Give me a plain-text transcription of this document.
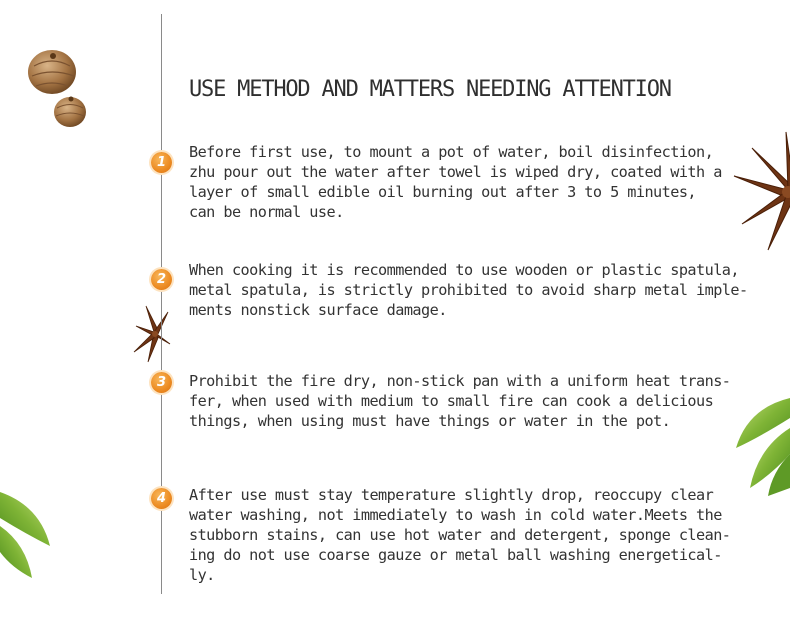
USE METHOD AND MATTERS NEEDING ATTENTION
1

Before first use, to mount a pot of water, boil disinfection,
zhu pour out the water after towel is wiped dry, coated with a
layer of small edible oil burning out after 3 to 5 minutes,
can be normal use.

2

When cooking it is recommended to use wooden or plastic spatula,
metal spatula, is strictly prohibited to avoid sharp metal imple-
ments nonstick surface damage.

3	Prohibit the fire dry, non-stick pan with a uniform heat trans-
fer, when used with medium to small fire can cook a delicious
things, when using must have things or water in the pot.

4	After use must stay temperature slightly drop, reoccupy clear
water washing, not immediately to wash in cold water.Meets the
stubborn stains, can use hot water and detergent, sponge clean-
ing do not use coarse gauze or metal ball washing energetical-
ly.
